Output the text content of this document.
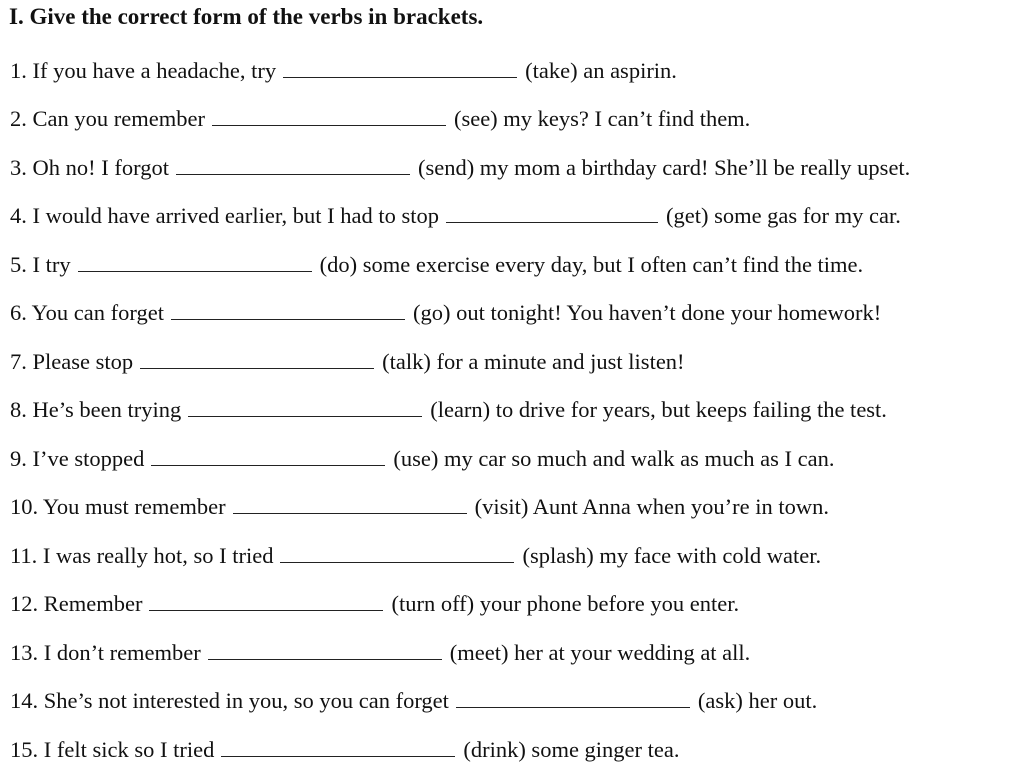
I. Give the correct form of the verbs in brackets.
1. If you have a headache, try	(take) an aspirin.
2. Can you remember	(see) my keys? I can’t find them.
3. Oh no! I forgot	(send) my mom a birthday card! She’ll be really upset.
4. I would have arrived earlier, but I had to stop	(get) some gas for my car.
5. I try	(do) some exercise every day, but I often can’t find the time.
6. You can forget	(go) out tonight! You haven’t done your homework!
7. Please stop	(talk) for a minute and just listen!
8. He’s been trying	(learn) to drive for years, but keeps failing the test.
9. I’ve stopped	(use) my car so much and walk as much as I can.
10. You must remember	(visit) Aunt Anna when you’re in town.
11. I was really hot, so I tried	(splash) my face with cold water.
12. Remember	(turn off) your phone before you enter.
13. I don’t remember	(meet) her at your wedding at all.
14. She’s not interested in you, so you can forget	(ask) her out.
15. I felt sick so I tried	(drink) some ginger tea.
